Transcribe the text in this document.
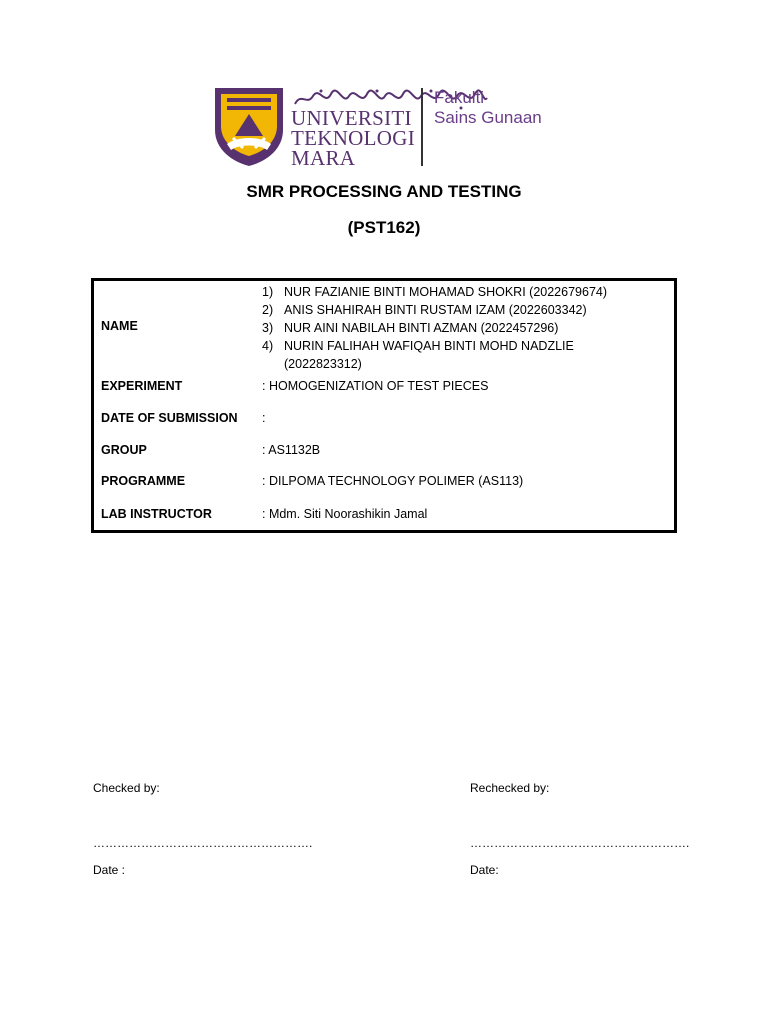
UNIVERSITI
TEKNOLOGI
MARA
Fakulti
Sains Gunaan
SMR PROCESSING AND TESTING
(PST162)
NAME
1) NUR FAZIANIE BINTI MOHAMAD SHOKRI (2022679674)
2) ANIS SHAHIRAH BINTI RUSTAM IZAM (2022603342)
3) NUR AINI NABILAH BINTI AZMAN (2022457296)
4) NURIN FALIHAH WAFIQAH BINTI MOHD NADZLIE (2022823312)
EXPERIMENT	: HOMOGENIZATION OF TEST PIECES
DATE OF SUBMISSION :
GROUP	: AS1132B
PROGRAMME	: DILPOMA TECHNOLOGY POLIMER (AS113)
LAB INSTRUCTOR	: Mdm. Siti Noorashikin Jamal
Checked by:	Rechecked by:
……………………………………………….	……………………………………………….
Date :	Date:
